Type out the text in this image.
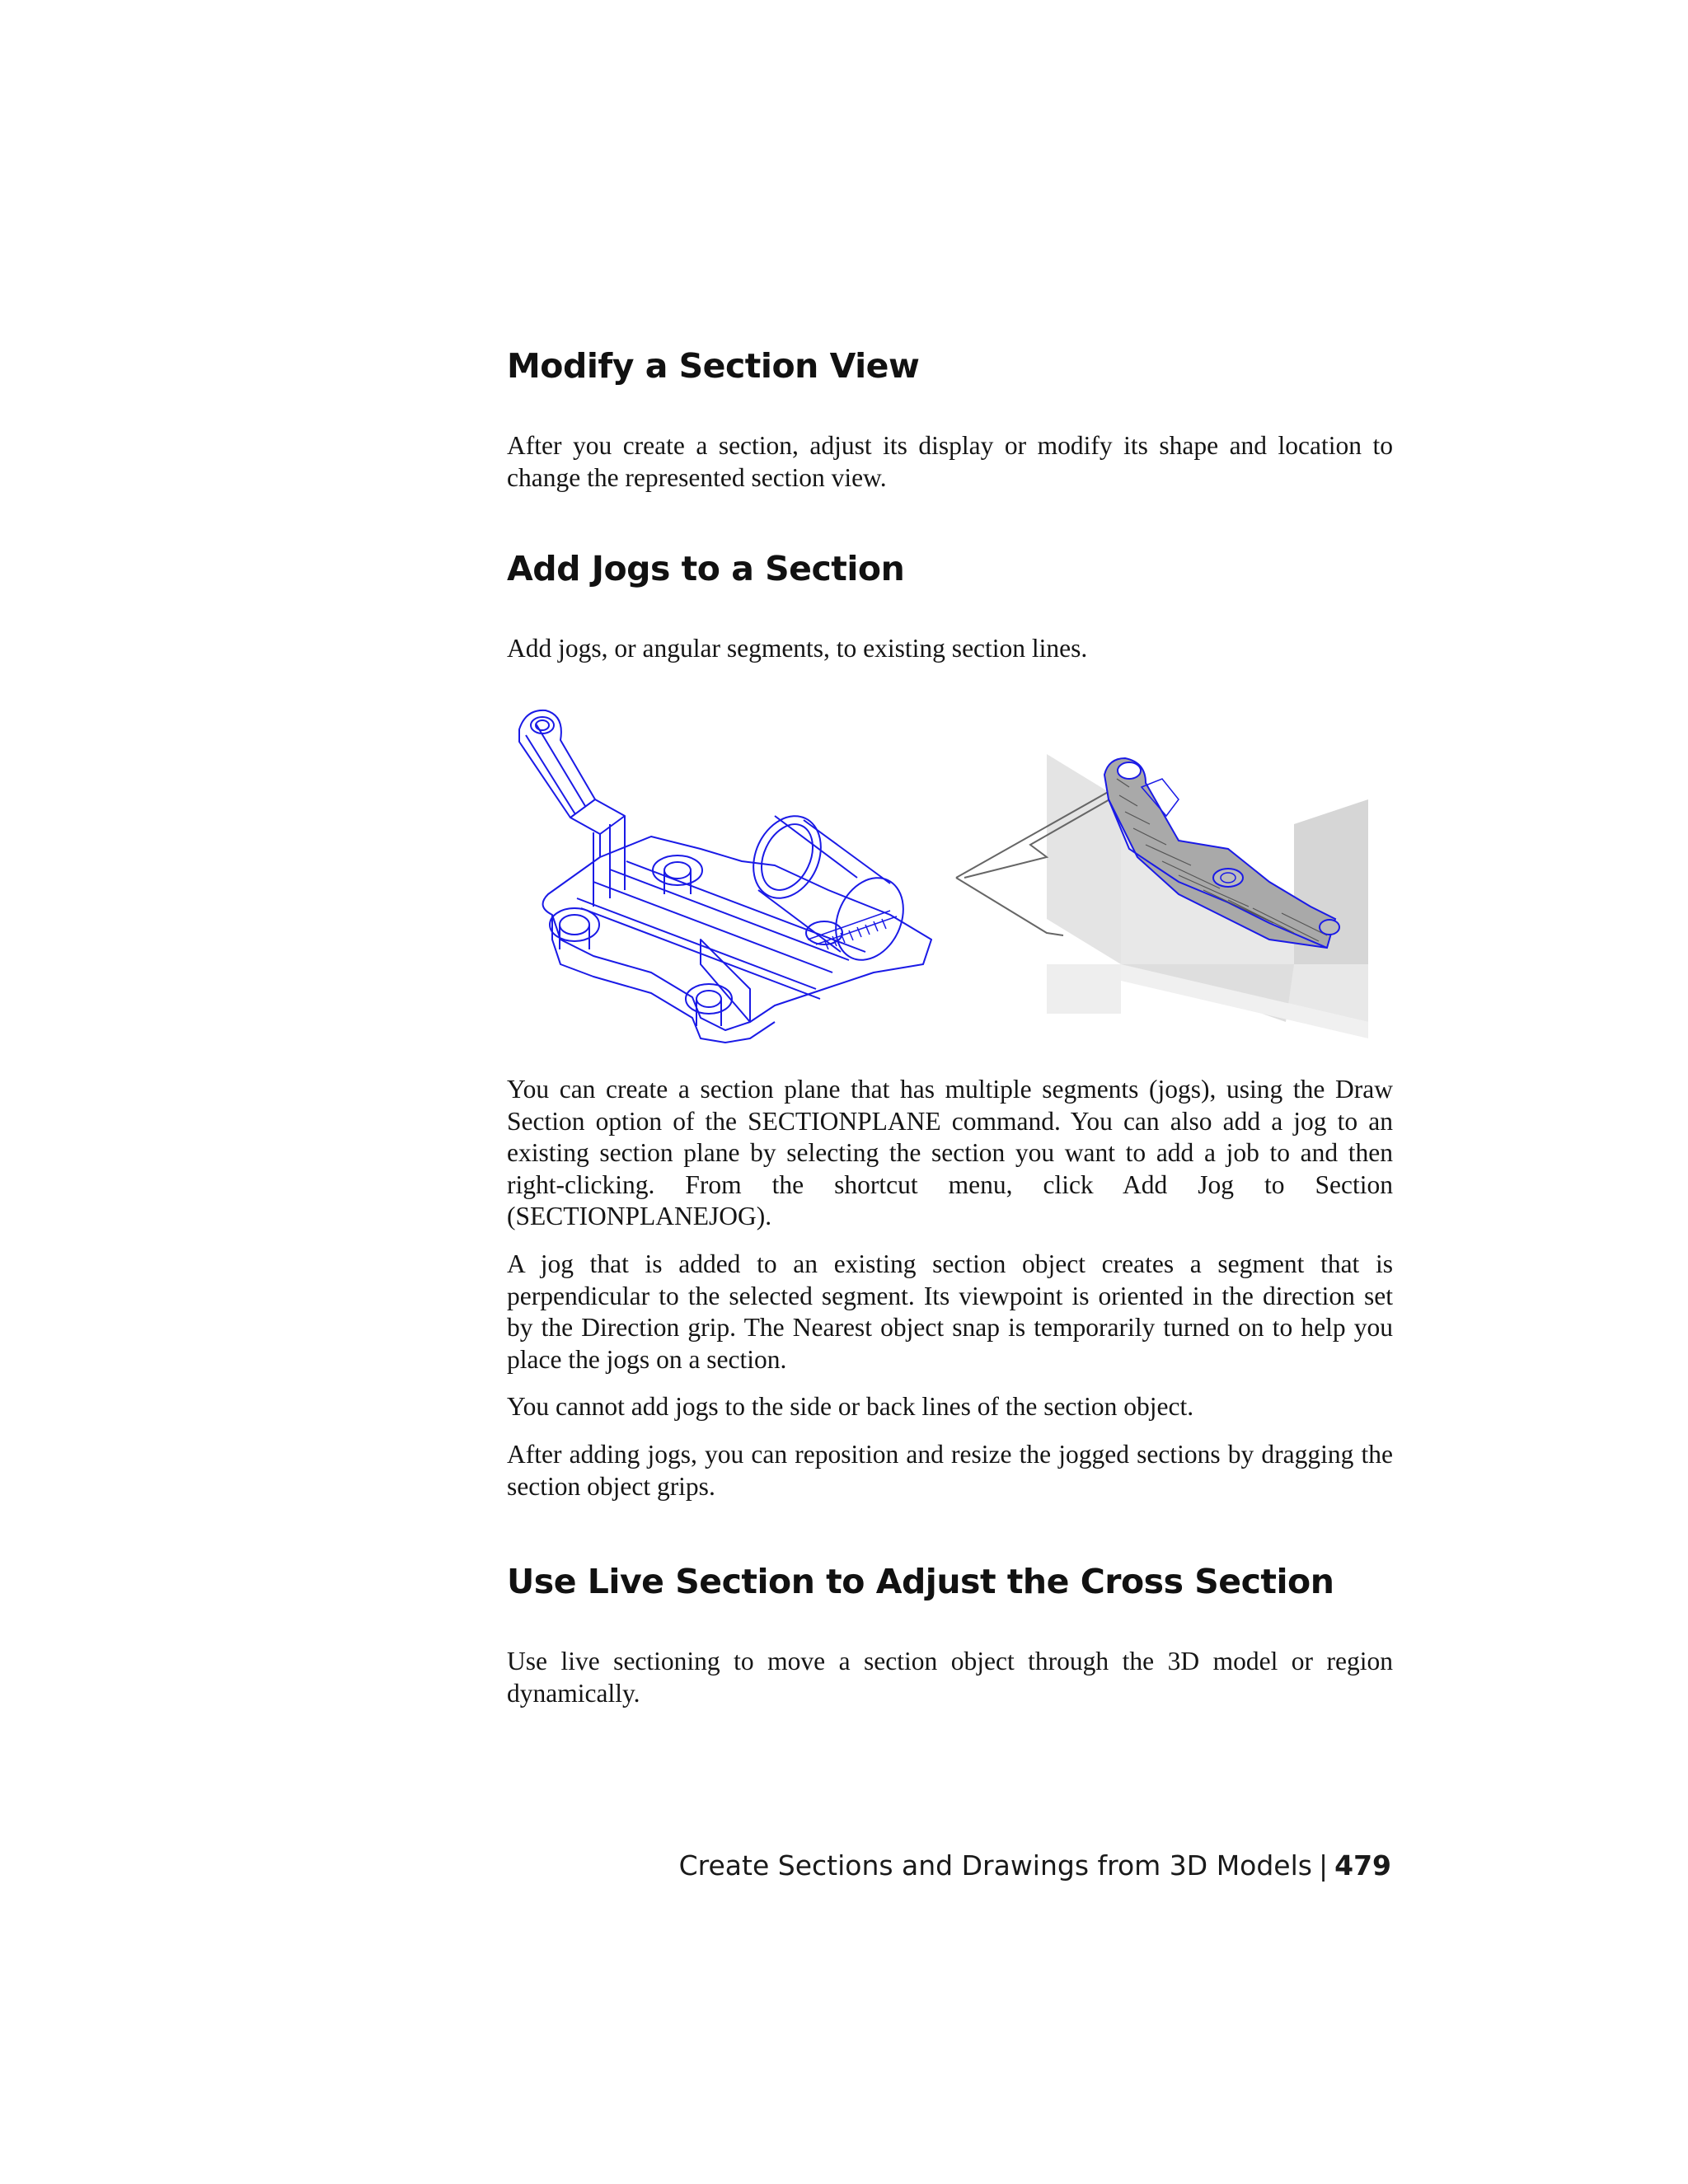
Modify a Section View

After you create a section, adjust its display or modify its shape and location to change the represented section view.

Add Jogs to a Section

Add jogs, or angular segments, to existing section lines.

You can create a section plane that has multiple segments (jogs), using the Draw Section option of the SECTIONPLANE command. You can also add a jog to an existing section plane by selecting the section you want to add a job to and then right-clicking. From the shortcut menu, click Add Jog to Section (SECTIONPLANEJOG).

A jog that is added to an existing section object creates a segment that is perpendicular to the selected segment. Its viewpoint is oriented in the direction set by the Direction grip. The Nearest object snap is temporarily turned on to help you place the jogs on a section.

You cannot add jogs to the side or back lines of the section object.

After adding jogs, you can reposition and resize the jogged sections by dragging the section object grips.

Use Live Section to Adjust the Cross Section

Use live sectioning to move a section object through the 3D model or region dynamically.

Create Sections and Drawings from 3D Models | 479
